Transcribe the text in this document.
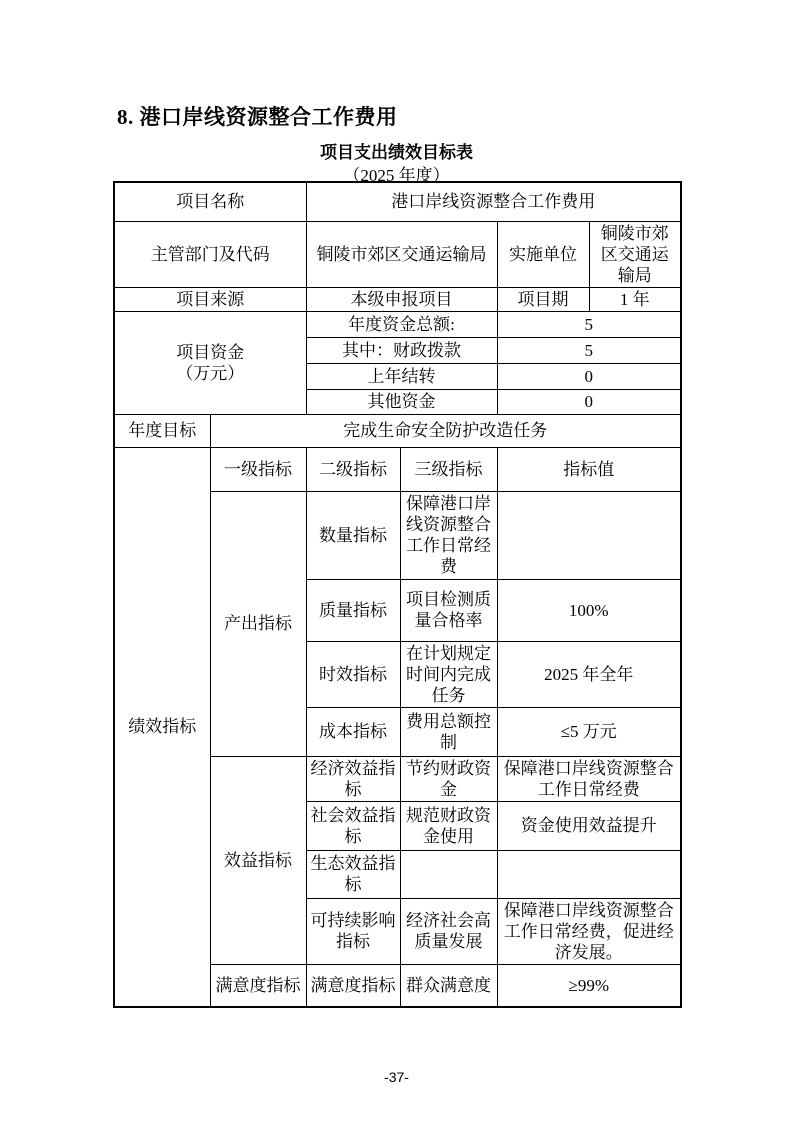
8. 港口岸线资源整合工作费用
项目支出绩效目标表
（2025 年度）
项目名称		港口岸线资源整合工作费用			
主管部门及代码		铜陵市郊区交通运输局		实施单位	铜陵市郊区交通运输局
项目来源		本级申报项目		项目期	1 年

项目资金
（万元）		年度资金总额:		5	
		其中：财政拨款		5	
		上年结转		0	
		其他资金		0	
年度目标	完成生命安全防护改造任务				
绩效指标	一级指标	二级指标	三级指标	指标值	
	产出指标	数量指标	保障港口岸线资源整合工作日常经费		
		质量指标	项目检测质量合格率	100%	
		时效指标	在计划规定时间内完成任务	2025 年全年	
		成本指标	费用总额控制	≤5 万元	
	效益指标	经济效益指标	节约财政资金	保障港口岸线资源整合工作日常经费	
		社会效益指标	规范财政资金使用	资金使用效益提升	
		生态效益指标			
		可持续影响指标	经济社会高质量发展	保障港口岸线资源整合工作日常经费，促进经济发展。	
	满意度指标	满意度指标	群众满意度	≥99%	
-37-
